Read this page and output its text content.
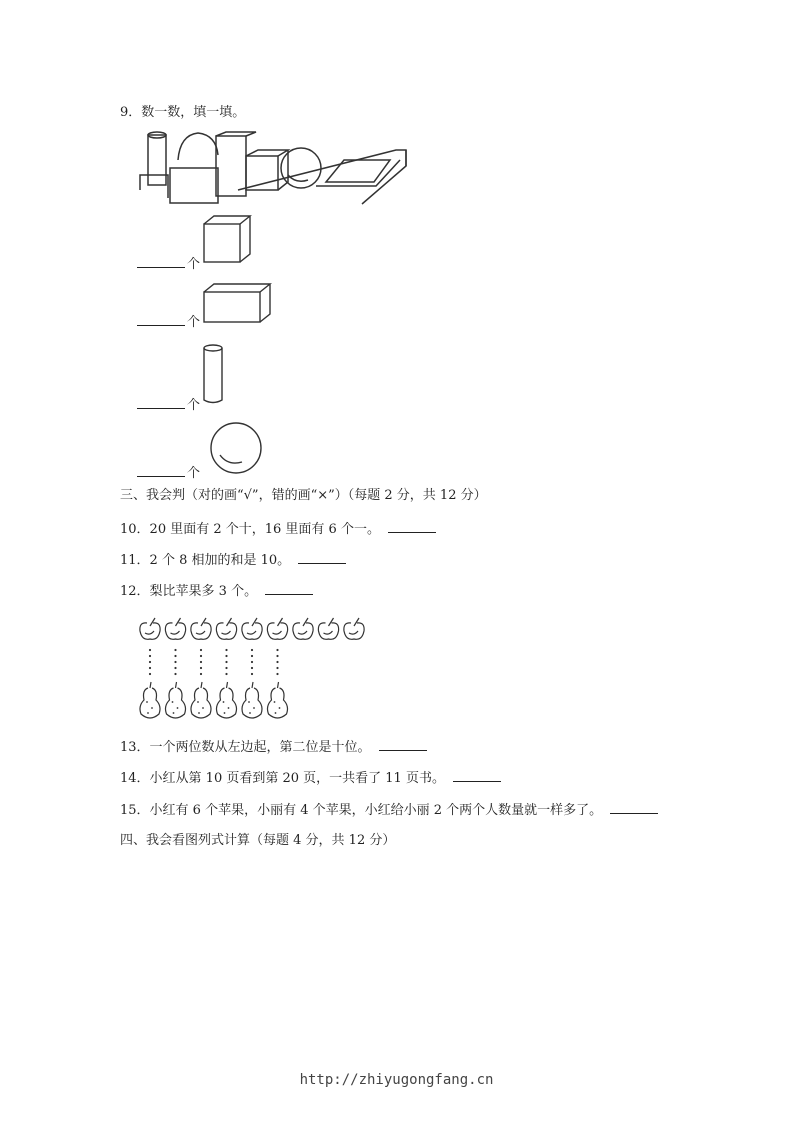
9．数一数，填一填。
个
个
个
个
三、我会判（对的画“√”，错的画“×”）（每题 2 分，共 12 分）
10．20 里面有 2 个十，16 里面有 6 个一。
11．2 个 8 相加的和是 10。
12．梨比苹果多 3 个。
13．一个两位数从左边起，第二位是十位。
14．小红从第 10 页看到第 20 页，一共看了 11 页书。
15．小红有 6 个苹果，小丽有 4 个苹果，小红给小丽 2 个两个人数量就一样多了。
四、我会看图列式计算（每题 4 分，共 12 分）
http://zhiyugongfang.cn
